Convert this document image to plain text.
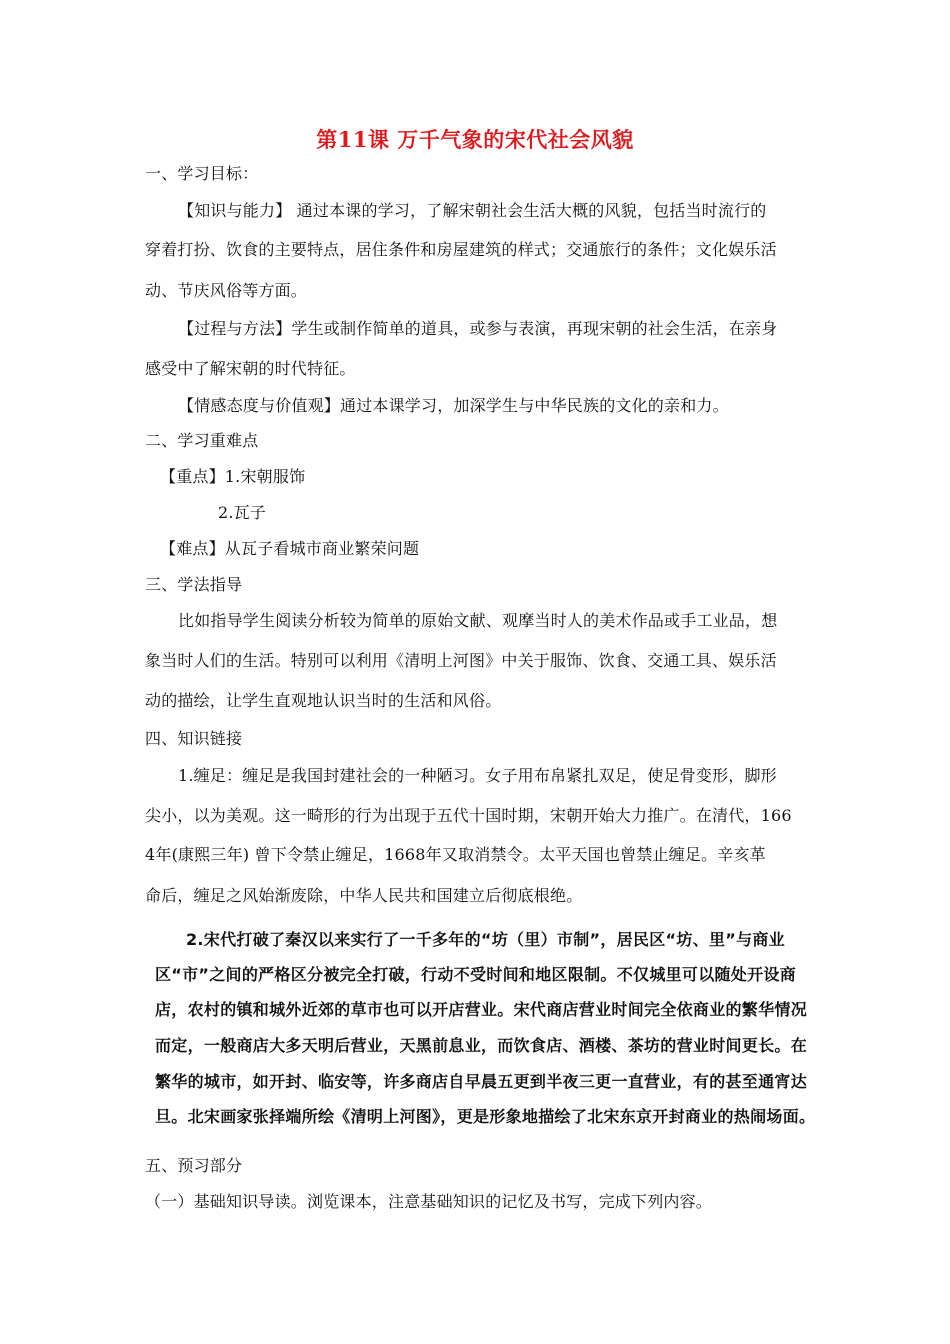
第11课 万千气象的宋代社会风貌
一、学习目标：
【知识与能力】 通过本课的学习，了解宋朝社会生活大概的风貌，包括当时流行的
穿着打扮、饮食的主要特点，居住条件和房屋建筑的样式；交通旅行的条件；文化娱乐活
动、节庆风俗等方面。
【过程与方法】学生或制作简单的道具，或参与表演，再现宋朝的社会生活，在亲身
感受中了解宋朝的时代特征。
【情感态度与价值观】通过本课学习，加深学生与中华民族的文化的亲和力。
二、学习重难点
【重点】1.宋朝服饰
2.瓦子
【难点】从瓦子看城市商业繁荣问题
三、学法指导
比如指导学生阅读分析较为简单的原始文献、观摩当时人的美术作品或手工业品，想
象当时人们的生活。特别可以利用《清明上河图》中关于服饰、饮食、交通工具、娱乐活
动的描绘，让学生直观地认识当时的生活和风俗。
四、知识链接
1.缠足：缠足是我国封建社会的一种陋习。女子用布帛紧扎双足，使足骨变形，脚形
尖小，以为美观。这一畸形的行为出现于五代十国时期，宋朝开始大力推广。在清代，166
4年(康熙三年) 曾下令禁止缠足，1668年又取消禁令。太平天国也曾禁止缠足。辛亥革
命后，缠足之风始渐废除，中华人民共和国建立后彻底根绝。
2.宋代打破了秦汉以来实行了一千多年的“坊（里）市制”，居民区“坊、里”与商业
区“市”之间的严格区分被完全打破，行动不受时间和地区限制。不仅城里可以随处开设商
店，农村的镇和城外近郊的草市也可以开店营业。宋代商店营业时间完全依商业的繁华情况
而定，一般商店大多天明后营业，天黑前息业，而饮食店、酒楼、茶坊的营业时间更长。在
繁华的城市，如开封、临安等，许多商店自早晨五更到半夜三更一直营业，有的甚至通宵达
旦。北宋画家张择端所绘《清明上河图》，更是形象地描绘了北宋东京开封商业的热闹场面。
五、预习部分
（一）基础知识导读。浏览课本，注意基础知识的记忆及书写，完成下列内容。
